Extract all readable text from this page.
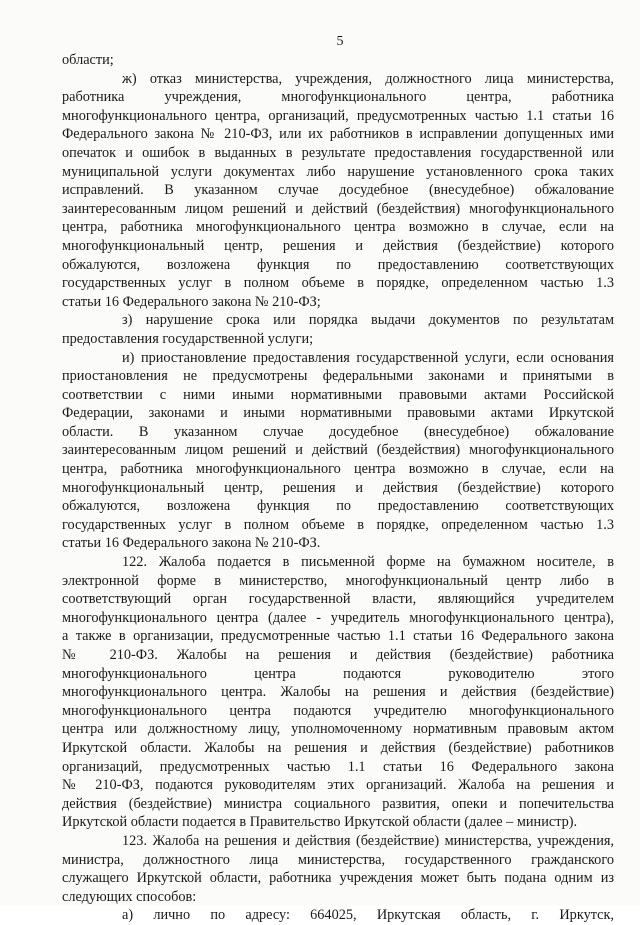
5
области;
ж) отказ министерства, учреждения, должностного лица министерства,
работника учреждения, многофункционального центра, работника
многофункционального центра, организаций, предусмотренных частью 1.1 статьи 16
Федерального закона № 210-ФЗ, или их работников в исправлении допущенных ими
опечаток и ошибок в выданных в результате предоставления государственной или
муниципальной услуги документах либо нарушение установленного срока таких
исправлений. В указанном случае досудебное (внесудебное) обжалование
заинтересованным лицом решений и действий (бездействия) многофункционального
центра, работника многофункционального центра возможно в случае, если на
многофункциональный центр, решения и действия (бездействие) которого
обжалуются, возложена функция по предоставлению соответствующих
государственных услуг в полном объеме в порядке, определенном частью 1.3
статьи 16 Федерального закона № 210-ФЗ;
з) нарушение срока или порядка выдачи документов по результатам
предоставления государственной услуги;
и) приостановление предоставления государственной услуги, если основания
приостановления не предусмотрены федеральными законами и принятыми в
соответствии с ними иными нормативными правовыми актами Российской
Федерации, законами и иными нормативными правовыми актами Иркутской
области. В указанном случае досудебное (внесудебное) обжалование
заинтересованным лицом решений и действий (бездействия) многофункционального
центра, работника многофункционального центра возможно в случае, если на
многофункциональный центр, решения и действия (бездействие) которого
обжалуются, возложена функция по предоставлению соответствующих
государственных услуг в полном объеме в порядке, определенном частью 1.3
статьи 16 Федерального закона № 210-ФЗ.
122. Жалоба подается в письменной форме на бумажном носителе, в
электронной форме в министерство, многофункциональный центр либо в
соответствующий орган государственной власти, являющийся учредителем
многофункционального центра (далее - учредитель многофункционального центра),
а также в организации, предусмотренные частью 1.1 статьи 16 Федерального закона
№ 210-ФЗ. Жалобы на решения и действия (бездействие) работника
многофункционального центра подаются руководителю этого
многофункционального центра. Жалобы на решения и действия (бездействие)
многофункционального центра подаются учредителю многофункционального
центра или должностному лицу, уполномоченному нормативным правовым актом
Иркутской области. Жалобы на решения и действия (бездействие) работников
организаций, предусмотренных частью 1.1 статьи 16 Федерального закона
№ 210-ФЗ, подаются руководителям этих организаций. Жалоба на решения и
действия (бездействие) министра социального развития, опеки и попечительства
Иркутской области подается в Правительство Иркутской области (далее – министр).
123. Жалоба на решения и действия (бездействие) министерства, учреждения,
министра, должностного лица министерства, государственного гражданского
служащего Иркутской области, работника учреждения может быть подана одним из
следующих способов:
а) лично по адресу: 664025, Иркутская область, г. Иркутск,
